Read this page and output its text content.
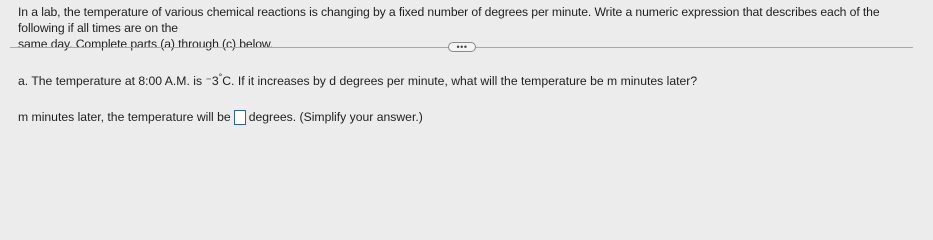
In a lab, the temperature of various chemical reactions is changing by a fixed number of degrees per minute. Write a numeric expression that describes each of the following if all times are on the
same day. Complete parts (a) through (c) below.	•••
a. The temperature at 8:00 A.M. is ⁻3°C. If it increases by d degrees per minute, what will the temperature be m minutes later?
m minutes later, the temperature will be degrees. (Simplify your answer.)
